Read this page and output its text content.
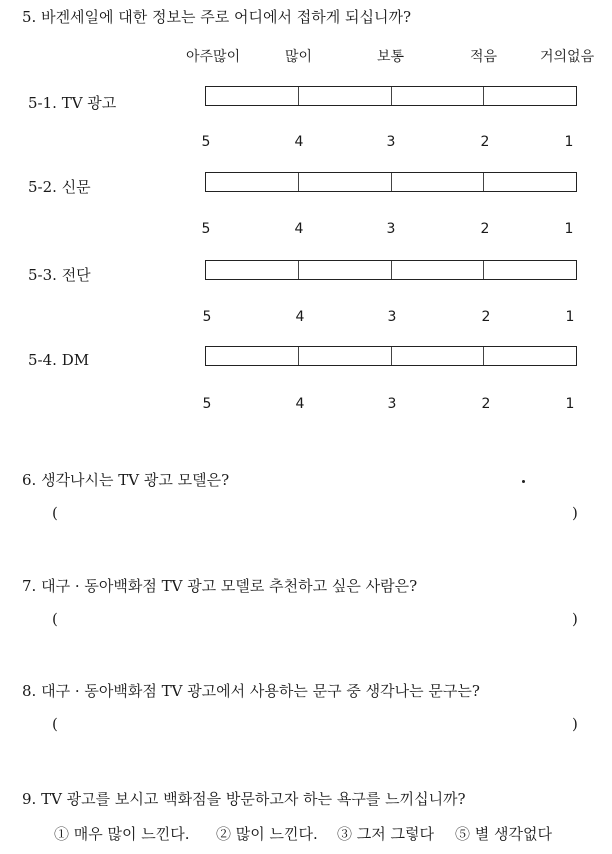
5. 바겐세일에 대한 정보는 주로 어디에서 접하게 되십니까?
아주많이	많이	보통	적음	거의없음
5-1. TV 광고
5	4	3	2	1
5-2. 신문
5	4	3	2	1
5-3. 전단
5	4	3	2	1
5-4. DM
5	4	3	2	1
6. 생각나시는 TV 광고 모델은?
(	)
7. 대구 · 동아백화점 TV 광고 모델로 추천하고 싶은 사람은?
(	)
8. 대구 · 동아백화점 TV 광고에서 사용하는 문구 중 생각나는 문구는?
(	)
9. TV 광고를 보시고 백화점을 방문하고자 하는 욕구를 느끼십니까?
① 매우 많이 느낀다. ② 많이 느낀다. ③ 그저 그렇다 ⑤ 별 생각없다
